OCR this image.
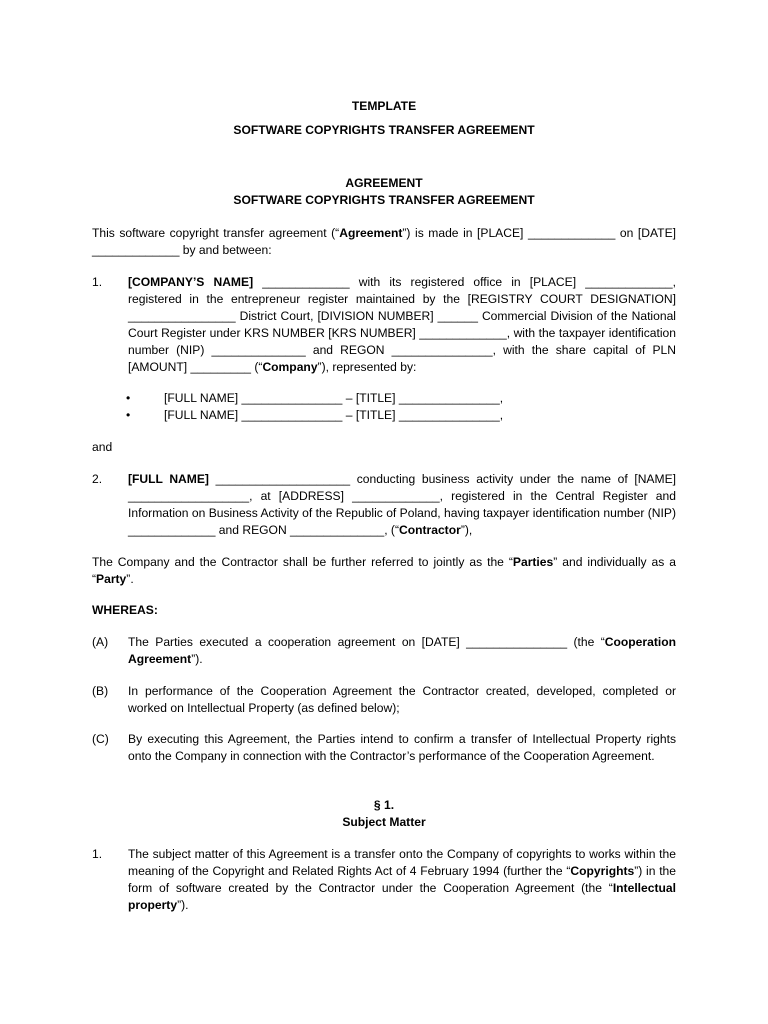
TEMPLATE

SOFTWARE COPYRIGHTS TRANSFER AGREEMENT

AGREEMENT

SOFTWARE COPYRIGHTS TRANSFER AGREEMENT

This software copyright transfer agreement (“Agreement”) is made in [PLACE] _____________ on [DATE] _____________ by and between:

1.	[COMPANY’S NAME] _____________ with its registered office in [PLACE] _____________, registered in the entrepreneur register maintained by the [REGISTRY COURT DESIGNATION] ________________ District Court, [DIVISION NUMBER] ______ Commercial Division of the National Court Register under KRS NUMBER [KRS NUMBER] _____________, with the taxpayer identification number (NIP) ______________ and REGON _______________, with the share capital of PLN [AMOUNT] _________ (“Company”), represented by:

•	[FULL NAME] _______________ – [TITLE] _______________,

•	[FULL NAME] _______________ – [TITLE] _______________,

and

2.	[FULL NAME] ____________________ conducting business activity under the name of [NAME] __________________, at [ADDRESS] _____________, registered in the Central Register and Information on Business Activity of the Republic of Poland, having taxpayer identification number (NIP) _____________ and REGON ______________, (“Contractor”),

The Company and the Contractor shall be further referred to jointly as the “Parties” and individually as a “Party”.

WHEREAS:

(A)	The Parties executed a cooperation agreement on [DATE] _______________ (the “Cooperation Agreement”).

(B)	In performance of the Cooperation Agreement the Contractor created, developed, completed or worked on Intellectual Property (as defined below);

(C)	By executing this Agreement, the Parties intend to confirm a transfer of Intellectual Property rights onto the Company in connection with the Contractor’s performance of the Cooperation Agreement.

§ 1.

Subject Matter

1.	The subject matter of this Agreement is a transfer onto the Company of copyrights to works within the meaning of the Copyright and Related Rights Act of 4 February 1994 (further the “Copyrights”) in the form of software created by the Contractor under the Cooperation Agreement (the “Intellectual property”).
